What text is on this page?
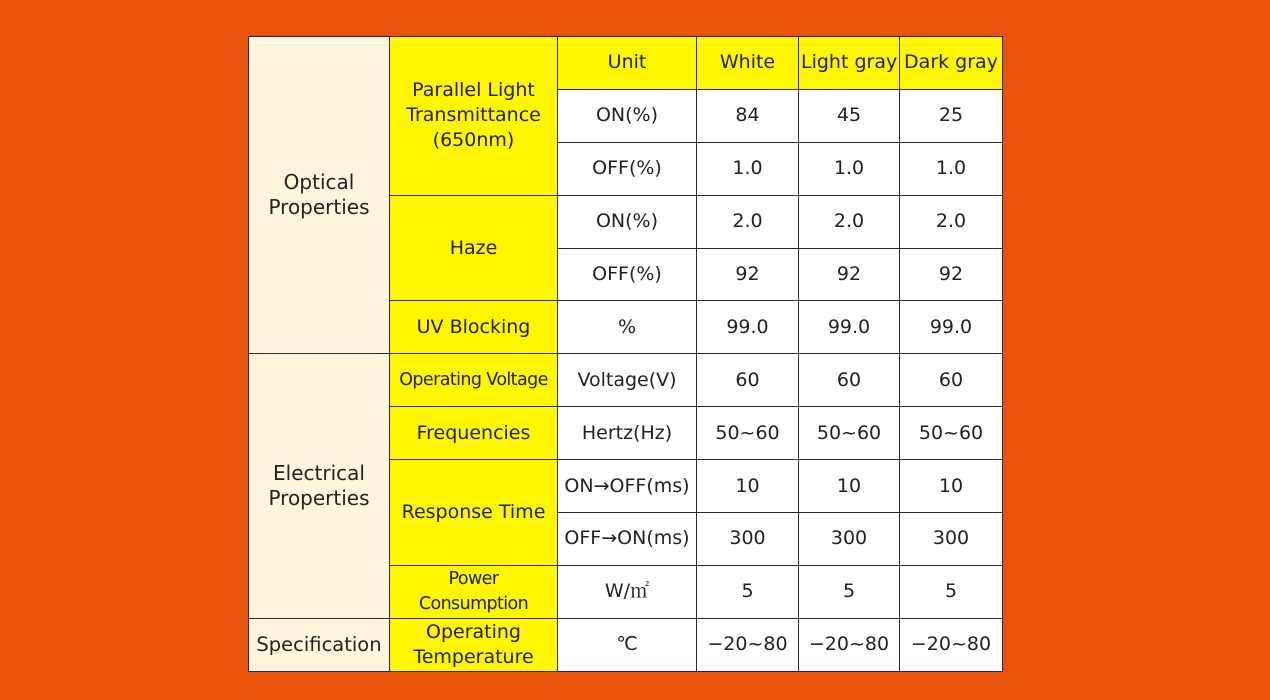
Optical
Properties	Parallel Light Transmittance (650nm)	Unit	White	Light gray	Dark gray
		ON(%)	84	45	25
		OFF(%)	1.0	1.0	1.0
	Haze	ON(%)	2.0	2.0	2.0
		OFF(%)	92	92	92
	UV Blocking	%	99.0	99.0	99.0
Electrical
Properties	Operating Voltage	Voltage(V)	60	60	60
	Frequencies	Hertz(Hz)	50~60	50~60	50~60
	Response Time	ON→OFF(ms)	10	10	10
		OFF→ON(ms)	300	300	300
	Power Consumption	W/㎡	5	5	5
Specification	Operating Temperature	℃	−20~80	−20~80	−20~80
